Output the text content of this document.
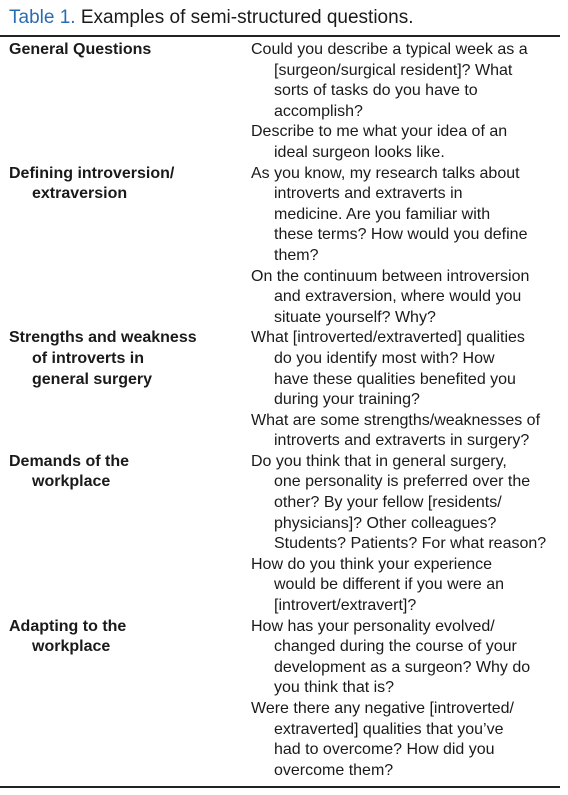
Table 1. Examples of semi-structured questions.
General Questions	Could you describe a typical week as a
[surgeon/surgical resident]? What
sorts of tasks do you have to
accomplish?
Describe to me what your idea of an
ideal surgeon looks like.
Defining introversion/
extraversion
As you know, my research talks about
introverts and extraverts in
medicine. Are you familiar with
these terms? How would you define
them?
On the continuum between introversion
and extraversion, where would you
situate yourself? Why?
Strengths and weakness
of introverts in
general surgery
What [introverted/extraverted] qualities
do you identify most with? How
have these qualities benefited you
during your training?
What are some strengths/weaknesses of
introverts and extraverts in surgery?
Demands of the
workplace
Do you think that in general surgery,
one personality is preferred over the
other? By your fellow [residents/
physicians]? Other colleagues?
Students? Patients? For what reason?
How do you think your experience
would be different if you were an
[introvert/extravert]?
Adapting to the
workplace
How has your personality evolved/
changed during the course of your
development as a surgeon? Why do
you think that is?
Were there any negative [introverted/
extraverted] qualities that you’ve
had to overcome? How did you
overcome them?
